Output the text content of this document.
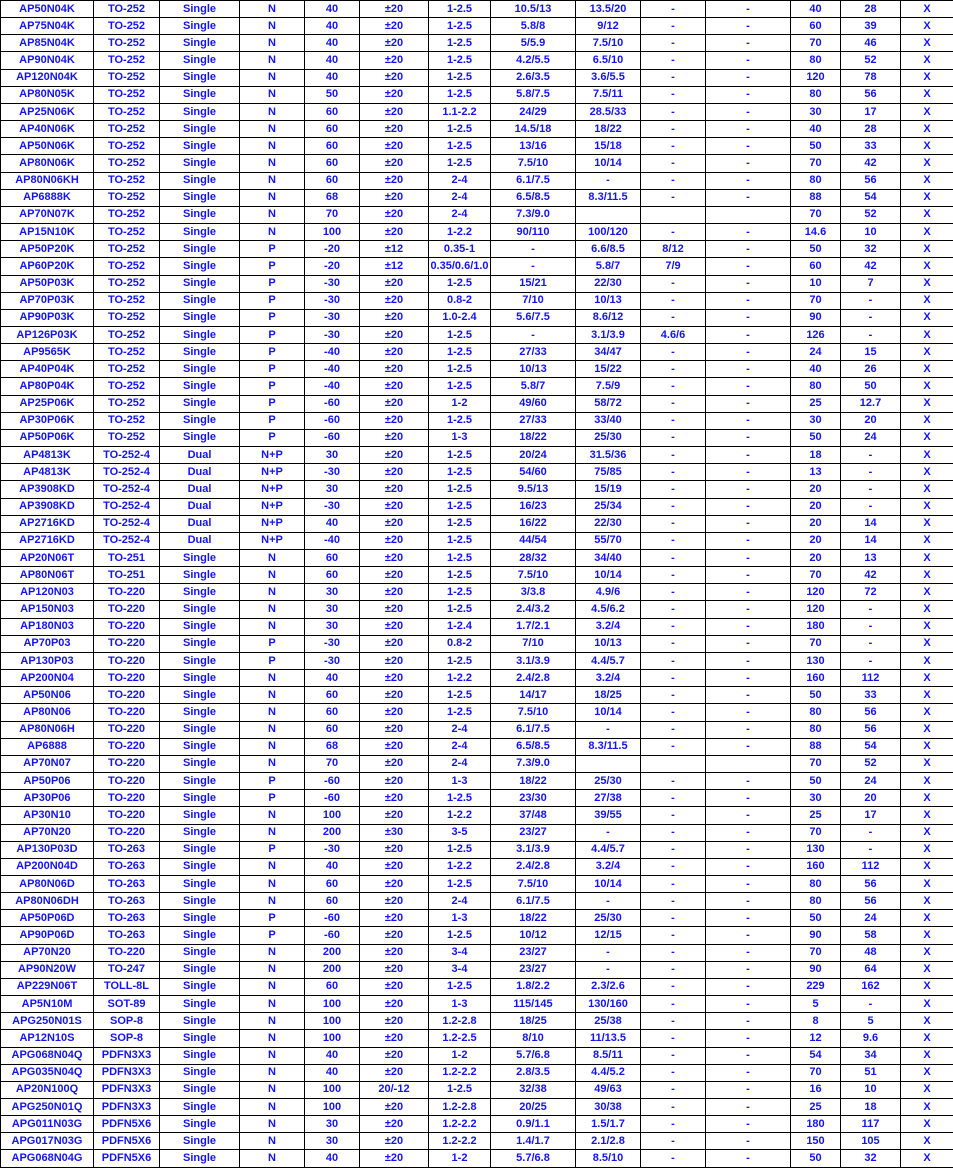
AP50N04K	TO-252	Single	N	40	±20	1-2.5	10.5/13	13.5/20	-	-	40	28	X
AP75N04K	TO-252	Single	N	40	±20	1-2.5	5.8/8	9/12	-	-	60	39	X
AP85N04K	TO-252	Single	N	40	±20	1-2.5	5/5.9	7.5/10	-	-	70	46	X
AP90N04K	TO-252	Single	N	40	±20	1-2.5	4.2/5.5	6.5/10	-	-	80	52	X
AP120N04K	TO-252	Single	N	40	±20	1-2.5	2.6/3.5	3.6/5.5	-	-	120	78	X
AP80N05K	TO-252	Single	N	50	±20	1-2.5	5.8/7.5	7.5/11	-	-	80	56	X
AP25N06K	TO-252	Single	N	60	±20	1.1-2.2	24/29	28.5/33	-	-	30	17	X
AP40N06K	TO-252	Single	N	60	±20	1-2.5	14.5/18	18/22	-	-	40	28	X
AP50N06K	TO-252	Single	N	60	±20	1-2.5	13/16	15/18	-	-	50	33	X
AP80N06K	TO-252	Single	N	60	±20	1-2.5	7.5/10	10/14	-	-	70	42	X
AP80N06KH	TO-252	Single	N	60	±20	2-4	6.1/7.5	-	-	-	80	56	X
AP6888K	TO-252	Single	N	68	±20	2-4	6.5/8.5	8.3/11.5	-	-	88	54	X
AP70N07K	TO-252	Single	N	70	±20	2-4	7.3/9.0				70	52	X
AP15N10K	TO-252	Single	N	100	±20	1-2.2	90/110	100/120	-	-	14.6	10	X
AP50P20K	TO-252	Single	P	-20	±12	0.35-1	-	6.6/8.5	8/12	-	50	32	X
AP60P20K	TO-252	Single	P	-20	±12	0.35/0.6/1.0	-	5.8/7	7/9	-	60	42	X
AP50P03K	TO-252	Single	P	-30	±20	1-2.5	15/21	22/30	-	-	10	7	X
AP70P03K	TO-252	Single	P	-30	±20	0.8-2	7/10	10/13	-	-	70	-	X
AP90P03K	TO-252	Single	P	-30	±20	1.0-2.4	5.6/7.5	8.6/12	-	-	90	-	X
AP126P03K	TO-252	Single	P	-30	±20	1-2.5	-	3.1/3.9	4.6/6	-	126	-	X
AP9565K	TO-252	Single	P	-40	±20	1-2.5	27/33	34/47	-	-	24	15	X
AP40P04K	TO-252	Single	P	-40	±20	1-2.5	10/13	15/22	-	-	40	26	X
AP80P04K	TO-252	Single	P	-40	±20	1-2.5	5.8/7	7.5/9	-	-	80	50	X
AP25P06K	TO-252	Single	P	-60	±20	1-2	49/60	58/72	-	-	25	12.7	X
AP30P06K	TO-252	Single	P	-60	±20	1-2.5	27/33	33/40	-	-	30	20	X
AP50P06K	TO-252	Single	P	-60	±20	1-3	18/22	25/30	-	-	50	24	X
AP4813K	TO-252-4	Dual	N+P	30	±20	1-2.5	20/24	31.5/36	-	-	18	-	X
AP4813K	TO-252-4	Dual	N+P	-30	±20	1-2.5	54/60	75/85	-	-	13	-	X
AP3908KD	TO-252-4	Dual	N+P	30	±20	1-2.5	9.5/13	15/19	-	-	20	-	X
AP3908KD	TO-252-4	Dual	N+P	-30	±20	1-2.5	16/23	25/34	-	-	20	-	X
AP2716KD	TO-252-4	Dual	N+P	40	±20	1-2.5	16/22	22/30	-	-	20	14	X
AP2716KD	TO-252-4	Dual	N+P	-40	±20	1-2.5	44/54	55/70	-	-	20	14	X
AP20N06T	TO-251	Single	N	60	±20	1-2.5	28/32	34/40	-	-	20	13	X
AP80N06T	TO-251	Single	N	60	±20	1-2.5	7.5/10	10/14	-	-	70	42	X
AP120N03	TO-220	Single	N	30	±20	1-2.5	3/3.8	4.9/6	-	-	120	72	X
AP150N03	TO-220	Single	N	30	±20	1-2.5	2.4/3.2	4.5/6.2	-	-	120	-	X
AP180N03	TO-220	Single	N	30	±20	1-2.4	1.7/2.1	3.2/4	-	-	180	-	X
AP70P03	TO-220	Single	P	-30	±20	0.8-2	7/10	10/13	-	-	70	-	X
AP130P03	TO-220	Single	P	-30	±20	1-2.5	3.1/3.9	4.4/5.7	-	-	130	-	X
AP200N04	TO-220	Single	N	40	±20	1-2.2	2.4/2.8	3.2/4	-	-	160	112	X
AP50N06	TO-220	Single	N	60	±20	1-2.5	14/17	18/25	-	-	50	33	X
AP80N06	TO-220	Single	N	60	±20	1-2.5	7.5/10	10/14	-	-	80	56	X
AP80N06H	TO-220	Single	N	60	±20	2-4	6.1/7.5	-	-	-	80	56	X
AP6888	TO-220	Single	N	68	±20	2-4	6.5/8.5	8.3/11.5	-	-	88	54	X
AP70N07	TO-220	Single	N	70	±20	2-4	7.3/9.0				70	52	X
AP50P06	TO-220	Single	P	-60	±20	1-3	18/22	25/30	-	-	50	24	X
AP30P06	TO-220	Single	P	-60	±20	1-2.5	23/30	27/38	-	-	30	20	X
AP30N10	TO-220	Single	N	100	±20	1-2.2	37/48	39/55	-	-	25	17	X
AP70N20	TO-220	Single	N	200	±30	3-5	23/27	-	-	-	70	-	X
AP130P03D	TO-263	Single	P	-30	±20	1-2.5	3.1/3.9	4.4/5.7	-	-	130	-	X
AP200N04D	TO-263	Single	N	40	±20	1-2.2	2.4/2.8	3.2/4	-	-	160	112	X
AP80N06D	TO-263	Single	N	60	±20	1-2.5	7.5/10	10/14	-	-	80	56	X
AP80N06DH	TO-263	Single	N	60	±20	2-4	6.1/7.5	-	-	-	80	56	X
AP50P06D	TO-263	Single	P	-60	±20	1-3	18/22	25/30	-	-	50	24	X
AP90P06D	TO-263	Single	P	-60	±20	1-2.5	10/12	12/15	-	-	90	58	X
AP70N20	TO-220	Single	N	200	±20	3-4	23/27	-	-	-	70	48	X
AP90N20W	TO-247	Single	N	200	±20	3-4	23/27	-	-	-	90	64	X
AP229N06T	TOLL-8L	Single	N	60	±20	1-2.5	1.8/2.2	2.3/2.6	-	-	229	162	X
AP5N10M	SOT-89	Single	N	100	±20	1-3	115/145	130/160	-	-	5	-	X
APG250N01S	SOP-8	Single	N	100	±20	1.2-2.8	18/25	25/38	-	-	8	5	X
AP12N10S	SOP-8	Single	N	100	±20	1.2-2.5	8/10	11/13.5	-	-	12	9.6	X
APG068N04Q	PDFN3X3	Single	N	40	±20	1-2	5.7/6.8	8.5/11	-	-	54	34	X
APG035N04Q	PDFN3X3	Single	N	40	±20	1.2-2.2	2.8/3.5	4.4/5.2	-	-	70	51	X
AP20N100Q	PDFN3X3	Single	N	100	20/-12	1-2.5	32/38	49/63	-	-	16	10	X
APG250N01Q	PDFN3X3	Single	N	100	±20	1.2-2.8	20/25	30/38	-	-	25	18	X
APG011N03G	PDFN5X6	Single	N	30	±20	1.2-2.2	0.9/1.1	1.5/1.7	-	-	180	117	X
APG017N03G	PDFN5X6	Single	N	30	±20	1.2-2.2	1.4/1.7	2.1/2.8	-	-	150	105	X
APG068N04G	PDFN5X6	Single	N	40	±20	1-2	5.7/6.8	8.5/10	-	-	50	32	X
